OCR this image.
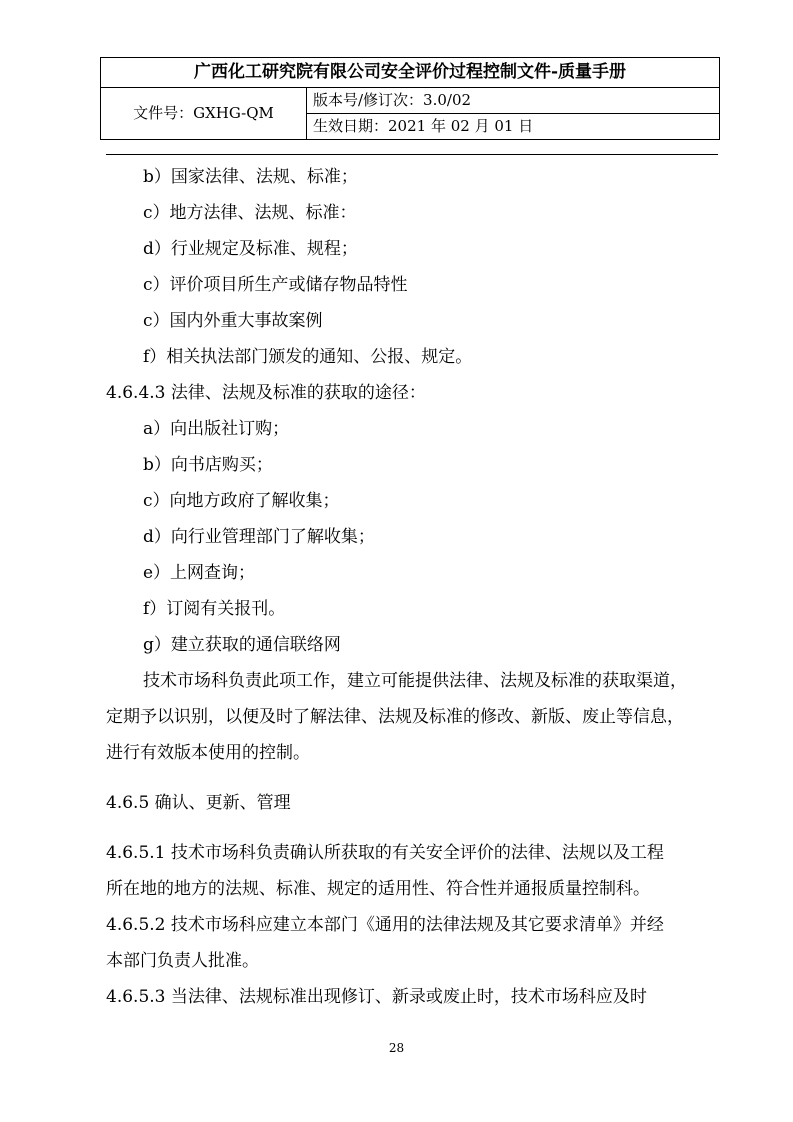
广西化工研究院有限公司安全评价过程控制文件-质量手册
文件号：GXHG-QM	版本号/修订次：3.0/02
生效日期：2021 年 02 月 01 日
b）国家法律、法规、标准；
c）地方法律、法规、标准：
d）行业规定及标准、规程；
c）评价项目所生产或储存物品特性
c）国内外重大事故案例
f）相关执法部门颁发的通知、公报、规定。
4.6.4.3 法律、法规及标准的获取的途径：
a）向出版社订购；
b）向书店购买；
c）向地方政府了解收集；
d）向行业管理部门了解收集；
e）上网查询；
f）订阅有关报刊。
g）建立获取的通信联络网
技术市场科负责此项工作，建立可能提供法律、法规及标准的获取渠道，
定期予以识别，以便及时了解法律、法规及标准的修改、新版、废止等信息，
进行有效版本使用的控制。
4.6.5 确认、更新、管理
4.6.5.1 技术市场科负责确认所获取的有关安全评价的法律、法规以及工程
所在地的地方的法规、标准、规定的适用性、符合性并通报质量控制科。
4.6.5.2 技术市场科应建立本部门《通用的法律法规及其它要求清单》并经
本部门负责人批准。
4.6.5.3 当法律、法规标准出现修订、新录或废止时，技术市场科应及时
28
